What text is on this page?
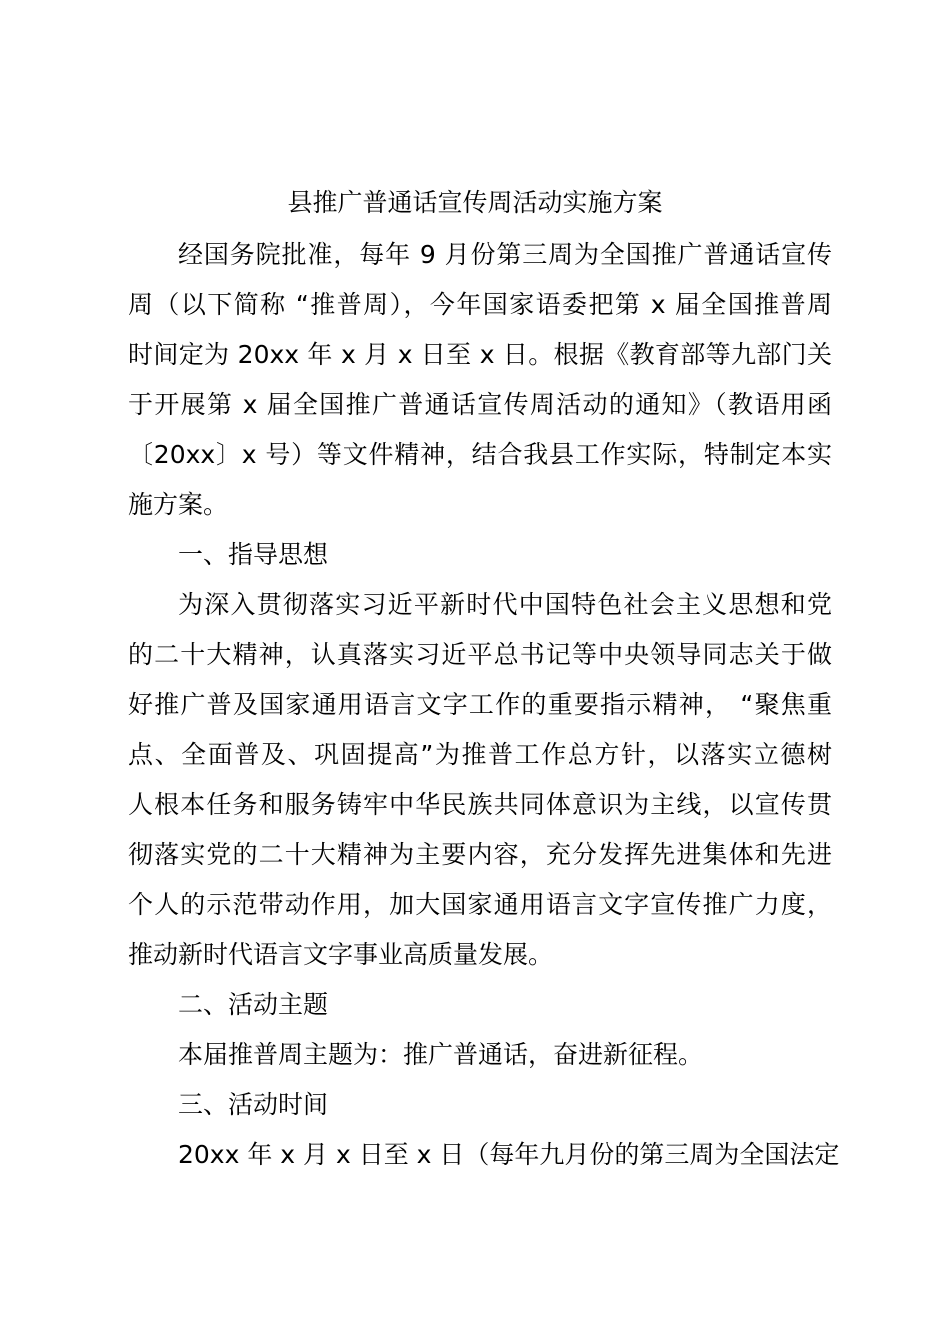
县推广普通话宣传周活动实施方案
经国务院批准，每年 9 月份第三周为全国推广普通话宣传
周（以下简称 “推普周），今年国家语委把第 x 届全国推普周
时间定为 20xx 年 x 月 x 日至 x 日。根据《教育部等九部门关
于开展第 x 届全国推广普通话宣传周活动的通知》（教语用函
〔20xx〕x 号）等文件精神，结合我县工作实际，特制定本实
施方案。
一、指导思想
为深入贯彻落实习近平新时代中国特色社会主义思想和党
的二十大精神，认真落实习近平总书记等中央领导同志关于做
好推广普及国家通用语言文字工作的重要指示精神， “聚焦重
点、全面普及、巩固提高”为推普工作总方针，以落实立德树
人根本任务和服务铸牢中华民族共同体意识为主线，以宣传贯
彻落实党的二十大精神为主要内容，充分发挥先进集体和先进
个人的示范带动作用，加大国家通用语言文字宣传推广力度，
推动新时代语言文字事业高质量发展。
二、活动主题
本届推普周主题为：推广普通话，奋进新征程。
三、活动时间
20xx 年 x 月 x 日至 x 日（每年九月份的第三周为全国法定
